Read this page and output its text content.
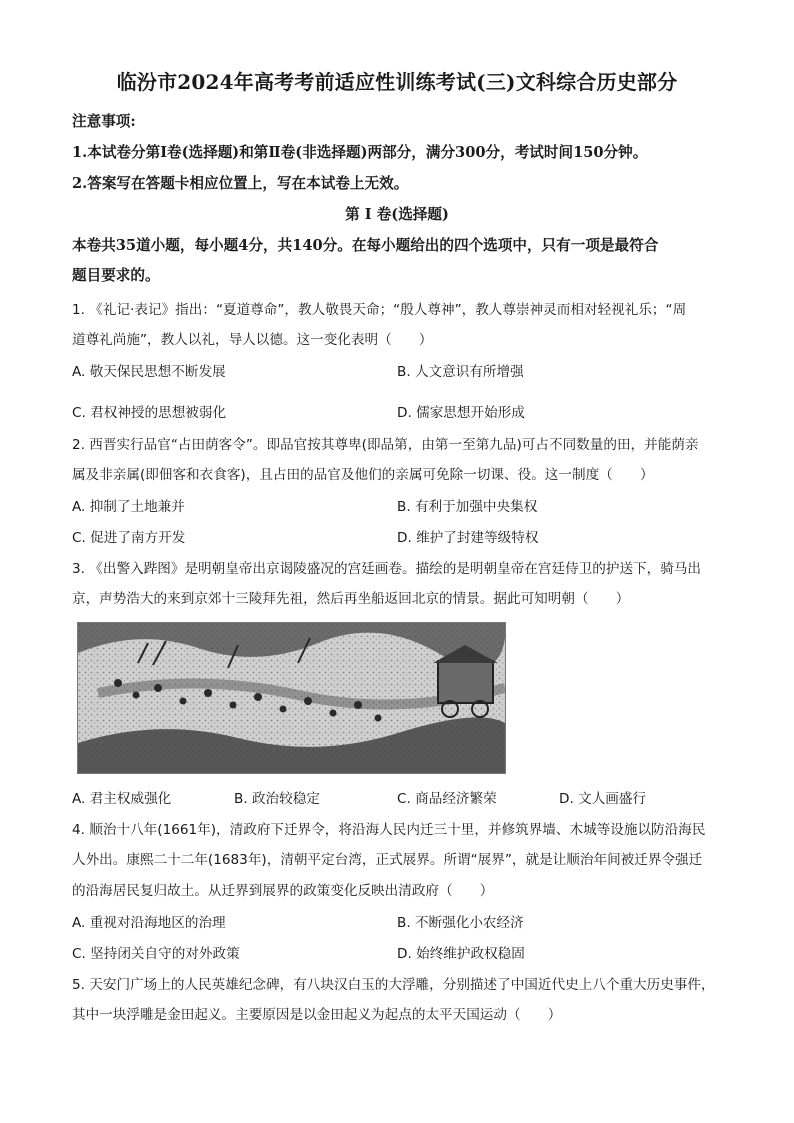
临汾市2024年高考考前适应性训练考试(三)文科综合历史部分
注意事项:
1.本试卷分第Ⅰ卷(选择题)和第Ⅱ卷(非选择题)两部分，满分300分，考试时间150分钟。
2.答案写在答题卡相应位置上，写在本试卷上无效。
第 Ⅰ 卷(选择题)
本卷共35道小题，每小题4分，共140分。在每小题给出的四个选项中，只有一项是最符合
题目要求的。
1. 《礼记·表记》指出：“夏道尊命”，教人敬畏天命；“殷人尊神”，教人尊崇神灵而相对轻视礼乐；“周
道尊礼尚施”，教人以礼，导人以德。这一变化表明（　　）
A. 敬天保民思想不断发展	B. 人文意识有所增强
C. 君权神授的思想被弱化	D. 儒家思想开始形成
2. 西晋实行品官“占田荫客令”。即品官按其尊卑(即品第，由第一至第九品)可占不同数量的田，并能荫亲
属及非亲属(即佃客和衣食客)，且占田的品官及他们的亲属可免除一切课、役。这一制度（　　）
A. 抑制了土地兼并	B. 有利于加强中央集权
C. 促进了南方开发	D. 维护了封建等级特权
3. 《出警入跸图》是明朝皇帝出京谒陵盛况的宫廷画卷。描绘的是明朝皇帝在宫廷侍卫的护送下，骑马出
京，声势浩大的来到京郊十三陵拜先祖，然后再坐船返回北京的情景。据此可知明朝（　　）
A. 君主权威强化	B. 政治较稳定	C. 商品经济繁荣	D. 文人画盛行
4. 顺治十八年(1661年)，清政府下迁界令，将沿海人民内迁三十里，并修筑界墙、木城等设施以防沿海民
人外出。康熙二十二年(1683年)，清朝平定台湾，正式展界。所谓“展界”，就是让顺治年间被迁界令强迁
的沿海居民复归故土。从迁界到展界的政策变化反映出清政府（　　）
A. 重视对沿海地区的治理	B. 不断强化小农经济
C. 坚持闭关自守的对外政策	D. 始终维护政权稳固
5. 天安门广场上的人民英雄纪念碑，有八块汉白玉的大浮雕，分别描述了中国近代史上八个重大历史事件，
其中一块浮雕是金田起义。主要原因是以金田起义为起点的太平天国运动（　　）
